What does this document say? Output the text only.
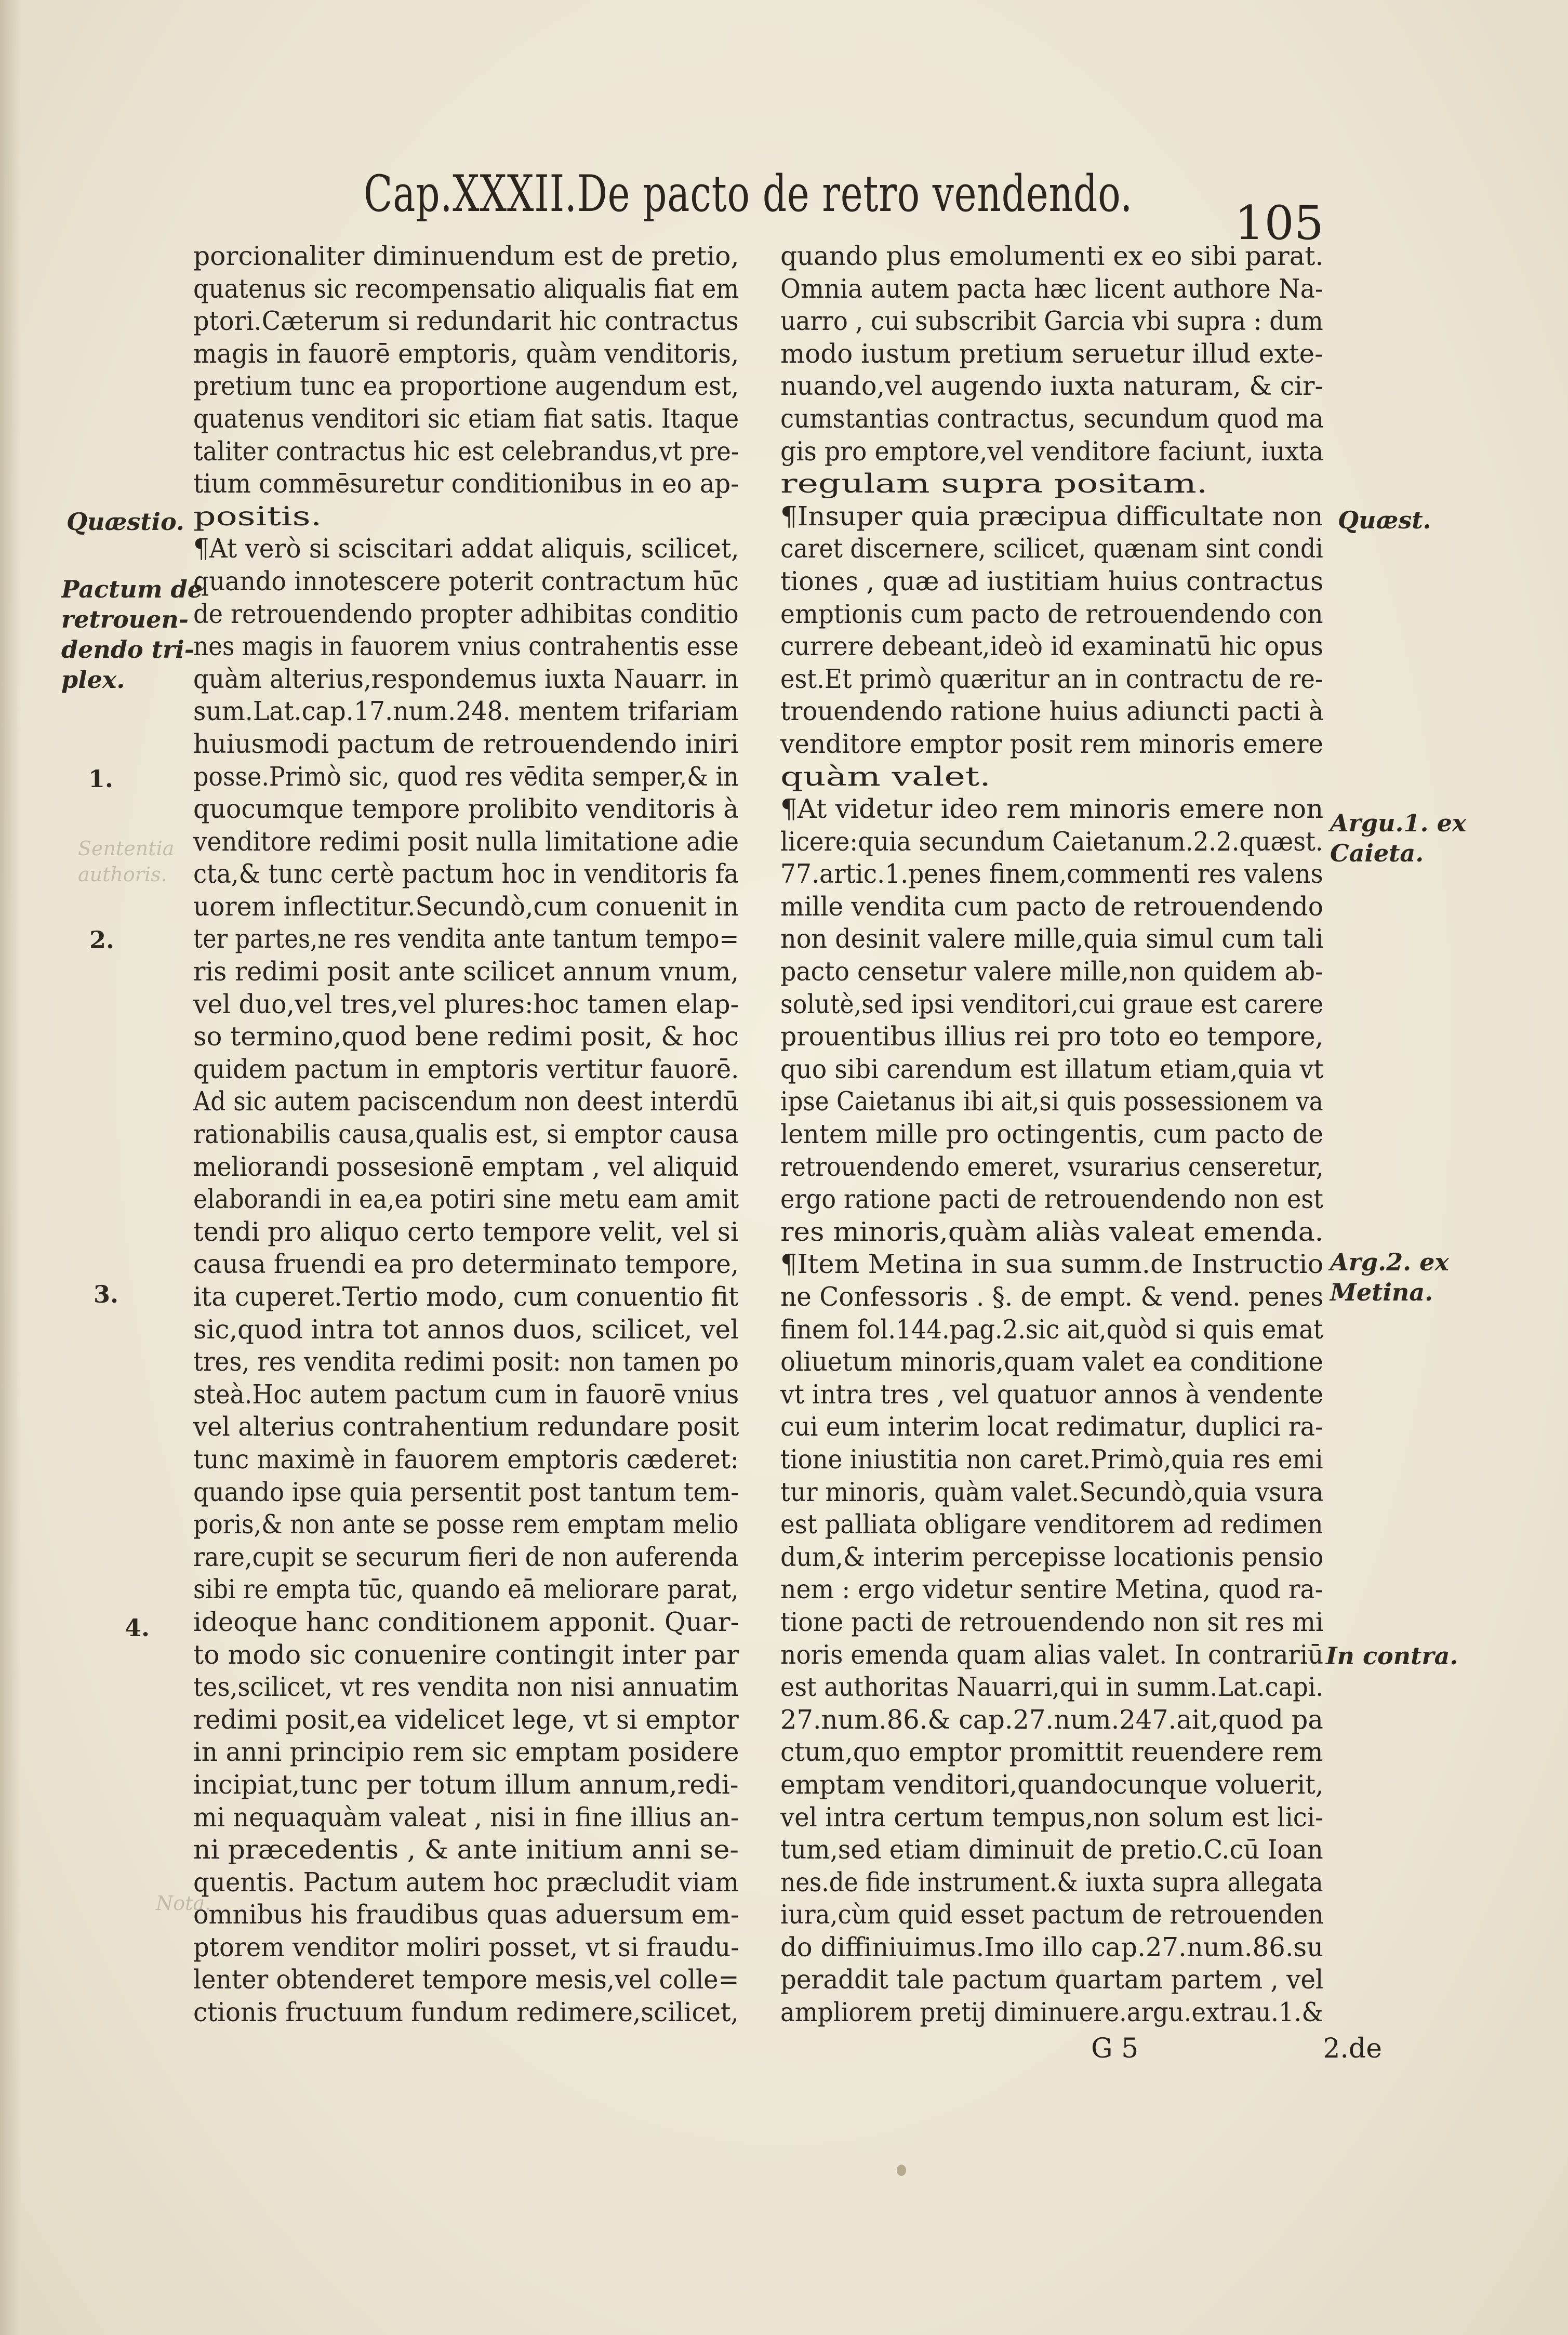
Cap.XXXII.De pacto de retro vendendo.
105
porcionaliter diminuendum est de pretio,
quatenus sic recompensatio aliqualis fiat em
ptori.Cæterum si redundarit hic contractus
magis in fauorē emptoris, quàm venditoris,
pretium tunc ea proportione augendum est,
quatenus venditori sic etiam fiat satis. Itaque
taliter contractus hic est celebrandus,vt pre-
tium commēsuretur conditionibus in eo ap-
positis.
¶At verò si sciscitari addat aliquis, scilicet,
quando innotescere poterit contractum hūc
de retrouendendo propter adhibitas conditio
nes magis in fauorem vnius contrahentis esse
quàm alterius,respondemus iuxta Nauarr. in
sum.Lat.cap.17.num.248. mentem trifariam
huiusmodi pactum de retrouendendo iniri
posse.Primò sic, quod res vēdita semper,& in
quocumque tempore prolibito venditoris à
venditore redimi posit nulla limitatione adie
cta,& tunc certè pactum hoc in venditoris fa
uorem inflectitur.Secundò,cum conuenit in
ter partes,ne res vendita ante tantum tempo=
ris redimi posit ante scilicet annum vnum,
vel duo,vel tres,vel plures:hoc tamen elap-
so termino,quod bene redimi posit, & hoc
quidem pactum in emptoris vertitur fauorē.
Ad sic autem paciscendum non deest interdū
rationabilis causa,qualis est, si emptor causa
meliorandi possesionē emptam , vel aliquid
elaborandi in ea,ea potiri sine metu eam amit
tendi pro aliquo certo tempore velit, vel si
causa fruendi ea pro determinato tempore,
ita cuperet.Tertio modo, cum conuentio fit
sic,quod intra tot annos duos, scilicet, vel
tres, res vendita redimi posit: non tamen po
steà.Hoc autem pactum cum in fauorē vnius
vel alterius contrahentium redundare posit
tunc maximè in fauorem emptoris cæderet:
quando ipse quia persentit post tantum tem-
poris,& non ante se posse rem emptam melio
rare,cupit se securum fieri de non auferenda
sibi re empta tūc, quando eā meliorare parat,
ideoque hanc conditionem apponit. Quar-
to modo sic conuenire contingit inter par
tes,scilicet, vt res vendita non nisi annuatim
redimi posit,ea videlicet lege, vt si emptor
in anni principio rem sic emptam posidere
incipiat,tunc per totum illum annum,redi-
mi nequaquàm valeat , nisi in fine illius an-
ni præcedentis , & ante initium anni se-
quentis. Pactum autem hoc præcludit viam
omnibus his fraudibus quas aduersum em-
ptorem venditor moliri posset, vt si fraudu-
lenter obtenderet tempore mesis,vel colle=
ctionis fructuum fundum redimere,scilicet,
quando plus emolumenti ex eo sibi parat.
Omnia autem pacta hæc licent authore Na-
uarro , cui subscribit Garcia vbi supra : dum
modo iustum pretium seruetur illud exte-
nuando,vel augendo iuxta naturam, & cir-
cumstantias contractus, secundum quod ma
gis pro emptore,vel venditore faciunt, iuxta
regulam supra positam.
¶Insuper quia præcipua difficultate non
caret discernere, scilicet, quænam sint condi
tiones , quæ ad iustitiam huius contractus
emptionis cum pacto de retrouendendo con
currere debeant,ideò id examinatū hic opus
est.Et primò quæritur an in contractu de re-
trouendendo ratione huius adiuncti pacti à
venditore emptor posit rem minoris emere
quàm valet.
¶At videtur ideo rem minoris emere non
licere:quia secundum Caietanum.2.2.quæst.
77.artic.1.penes finem,commenti res valens
mille vendita cum pacto de retrouendendo
non desinit valere mille,quia simul cum tali
pacto censetur valere mille,non quidem ab-
solutè,sed ipsi venditori,cui graue est carere
prouentibus illius rei pro toto eo tempore,
quo sibi carendum est illatum etiam,quia vt
ipse Caietanus ibi ait,si quis possessionem va
lentem mille pro octingentis, cum pacto de
retrouendendo emeret, vsurarius censeretur,
ergo ratione pacti de retrouendendo non est
res minoris,quàm aliàs valeat emenda.
¶Item Metina in sua summ.de Instructio
ne Confessoris . §. de empt. & vend. penes
finem fol.144.pag.2.sic ait,quòd si quis emat
oliuetum minoris,quam valet ea conditione
vt intra tres , vel quatuor annos à vendente
cui eum interim locat redimatur, duplici ra-
tione iniustitia non caret.Primò,quia res emi
tur minoris, quàm valet.Secundò,quia vsura
est palliata obligare venditorem ad redimen
dum,& interim percepisse locationis pensio
nem : ergo videtur sentire Metina, quod ra-
tione pacti de retrouendendo non sit res mi
noris emenda quam alias valet. In contrariū
est authoritas Nauarri,qui in summ.Lat.capi.
27.num.86.& cap.27.num.247.ait,quod pa
ctum,quo emptor promittit reuendere rem
emptam venditori,quandocunque voluerit,
vel intra certum tempus,non solum est lici-
tum,sed etiam diminuit de pretio.C.cū Ioan
nes.de fide instrument.& iuxta supra allegata
iura,cùm quid esset pactum de retrouenden
do diffiniuimus.Imo illo cap.27.num.86.su
peraddit tale pactum quartam partem , vel
ampliorem pretij diminuere.argu.extrau.1.&
Quæstio.
Pactum de
retrouen-
dendo tri-
plex.
1.
2.
3.
4.
Sententia
authoris.
Nota.
Quæst.
Argu.1. ex
Caieta.
Arg.2. ex
Metina.
In contra.
G 5	2.de
